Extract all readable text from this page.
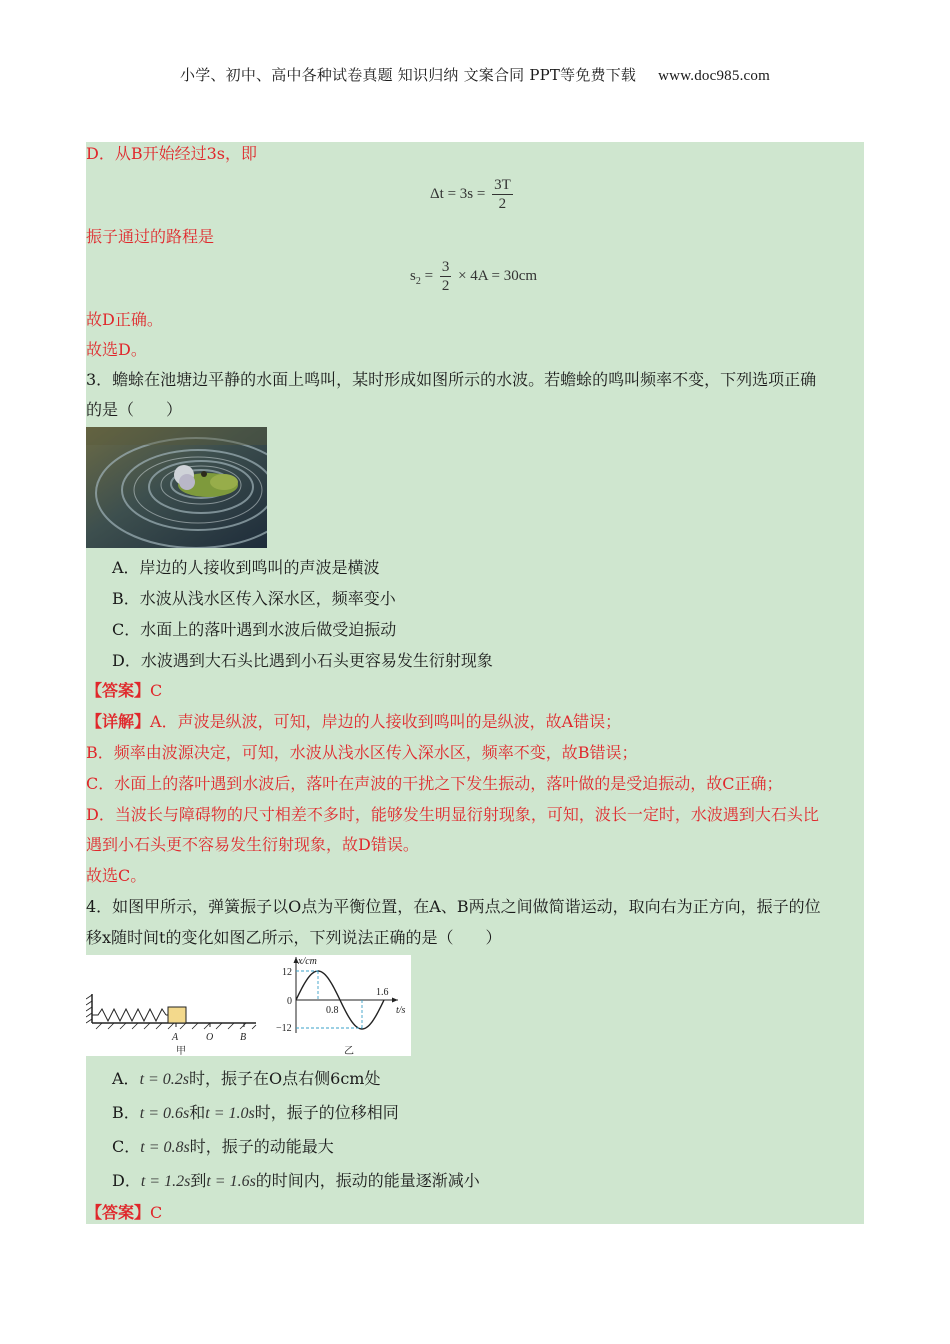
小学、初中、高中各种试卷真题 知识归纳 文案合同 PPT等免费下载 www.doc985.com
D．从B开始经过3s，即
$\Delta t = 3s = \frac{3T}{2}$
振子通过的路程是
$s_2 = \frac{3}{2} \times 4A = 30cm$
故D正确。
故选D。
3．蟾蜍在池塘边平静的水面上鸣叫，某时形成如图所示的水波。若蟾蜍的鸣叫频率不变，下列选项正确
的是（　　）
A．岸边的人接收到鸣叫的声波是横波
B．水波从浅水区传入深水区，频率变小
C．水面上的落叶遇到水波后做受迫振动
D．水波遇到大石头比遇到小石头更容易发生衍射现象
【答案】C
【详解】A．声波是纵波，可知，岸边的人接收到鸣叫的是纵波，故A错误；
B．频率由波源决定，可知，水波从浅水区传入深水区，频率不变，故B错误；
C．水面上的落叶遇到水波后，落叶在声波的干扰之下发生振动，落叶做的是受迫振动，故C正确；
D．当波长与障碍物的尺寸相差不多时，能够发生明显衍射现象，可知，波长一定时，水波遇到大石头比
遇到小石头更不容易发生衍射现象，故D错误。
故选C。
4．如图甲所示，弹簧振子以O点为平衡位置，在A、B两点之间做简谐运动，取向右为正方向，振子的位
移x随时间t的变化如图乙所示，下列说法正确的是（　　）
A	O	B
甲
x/cm
12
0
−12
0.8
1.6
t/s
乙
A．t = 0.2s时，振子在O点右侧6cm处
B．t = 0.6s和t = 1.0s时，振子的位移相同
C．t = 0.8s时，振子的动能最大
D．t = 1.2s到t = 1.6s的时间内，振动的能量逐渐减小
【答案】C
